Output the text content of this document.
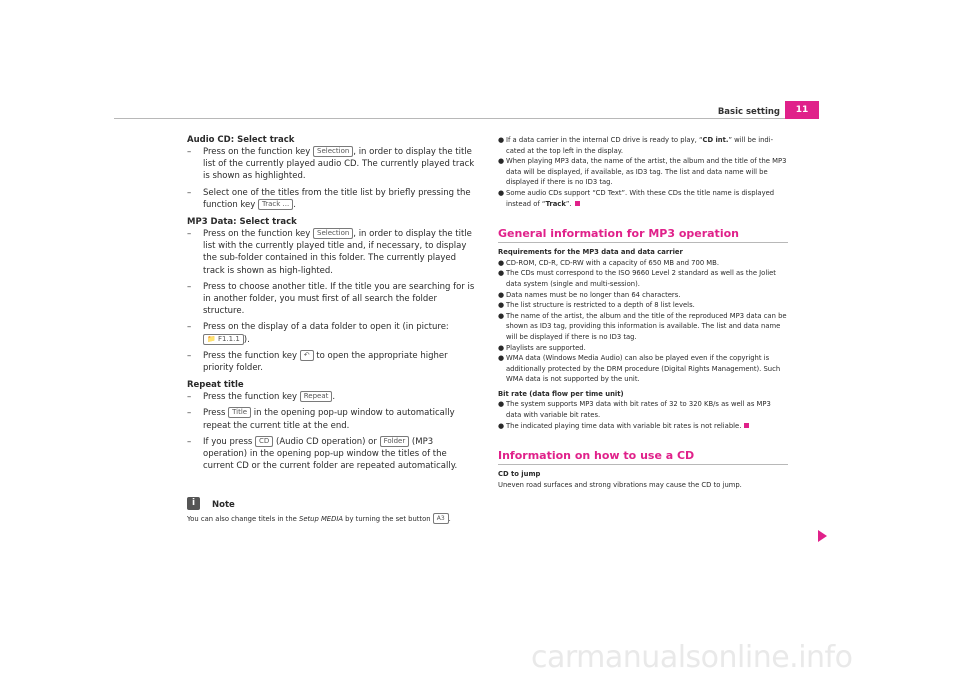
Basic setting	11
Audio CD: Select track
– Press on the function key Selection , in order to display the title list of the currently played audio CD. The currently played track is shown as highlighted.
– Select one of the titles from the title list by briefly pressing the function key Track ... .
MP3 Data: Select track
– Press on the function key Selection , in order to display the title list with the currently played title and, if necessary, to display the sub-folder contained in this folder. The currently played track is shown as high-lighted.
– Press to choose another title. If the title you are searching for is in another folder, you must first of all search the folder structure.
– Press on the display of a data folder to open it (in picture: 📁 F1.1.1 ).
– Press the function key ↶ to open the appropriate higher priority folder.
Repeat title
– Press the function key Repeat .
– Press Title in the opening pop-up window to automatically repeat the current title at the end.
– If you press CD (Audio CD operation) or Folder (MP3 operation) in the opening pop-up window the titles of the current CD or the current folder are repeated automatically.
i	Note
You can also change titels in the Setup MEDIA by turning the set button A3 .
● If a data carrier in the internal CD drive is ready to play, “CD int.” will be indi-cated at the top left in the display.
● When playing MP3 data, the name of the artist, the album and the title of the MP3 data will be displayed, if available, as ID3 tag. The list and data name will be displayed if there is no ID3 tag.
● Some audio CDs support “CD Text”. With these CDs the title name is displayed instead of “Track”.
General information for MP3 operation
Requirements for the MP3 data and data carrier
● CD-ROM, CD-R, CD-RW with a capacity of 650 MB and 700 MB.
● The CDs must correspond to the ISO 9660 Level 2 standard as well as the Joliet data system (single and multi-session).
● Data names must be no longer than 64 characters.
● The list structure is restricted to a depth of 8 list levels.
● The name of the artist, the album and the title of the reproduced MP3 data can be shown as ID3 tag, providing this information is available. The list and data name will be displayed if there is no ID3 tag.
● Playlists are supported.
● WMA data (Windows Media Audio) can also be played even if the copyright is additionally protected by the DRM procedure (Digital Rights Management). Such WMA data is not supported by the unit.
Bit rate (data flow per time unit)
● The system supports MP3 data with bit rates of 32 to 320 KB/s as well as MP3 data with variable bit rates.
● The indicated playing time data with variable bit rates is not reliable.
Information on how to use a CD
CD to jump
Uneven road surfaces and strong vibrations may cause the CD to jump.
carmanualsonline.info
